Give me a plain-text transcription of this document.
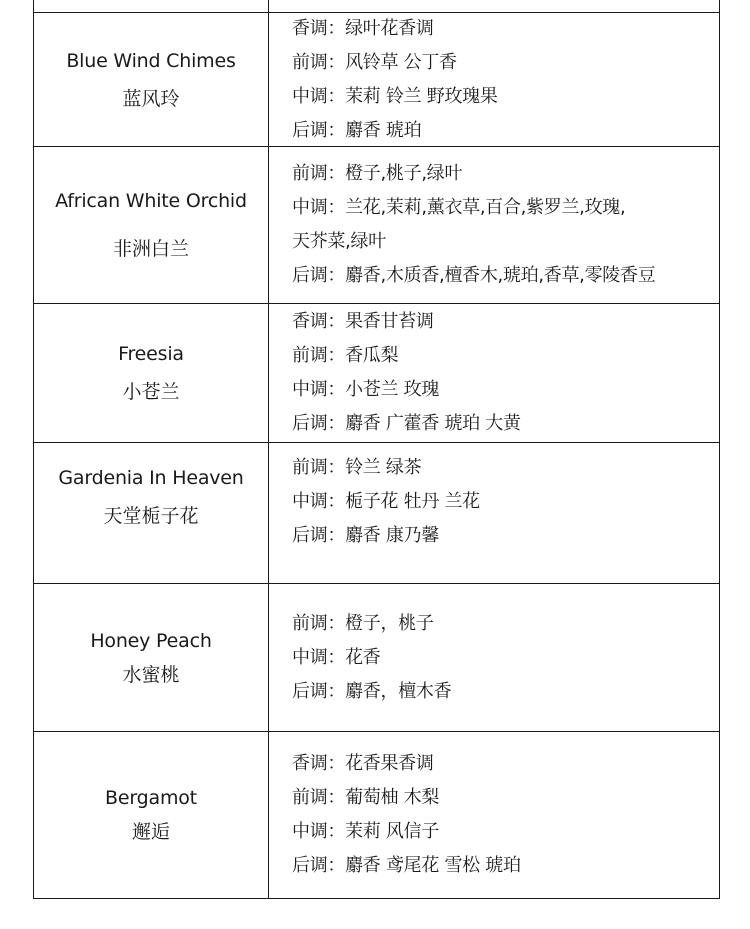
Blue Wind Chimes
蓝风玲
香调：绿叶花香调
前调：风铃草 公丁香
中调：茉莉 铃兰 野玫瑰果
后调：麝香 琥珀
African White Orchid
非洲白兰
前调：橙子,桃子,绿叶
中调：兰花,茉莉,薰衣草,百合,紫罗兰,玫瑰,
天芥菜,绿叶
后调：麝香,木质香,檀香木,琥珀,香草,零陵香豆
Freesia
小苍兰
香调：果香甘苔调
前调：香瓜梨
中调：小苍兰 玫瑰
后调：麝香 广藿香 琥珀 大黄
Gardenia In Heaven
天堂栀子花
前调：铃兰 绿茶
中调：栀子花 牡丹 兰花
后调：麝香 康乃馨
Honey Peach
水蜜桃
前调：橙子，桃子
中调：花香
后调：麝香，檀木香
Bergamot
邂逅
香调：花香果香调
前调：葡萄柚 木梨
中调：茉莉 风信子
后调：麝香 鸢尾花 雪松 琥珀
